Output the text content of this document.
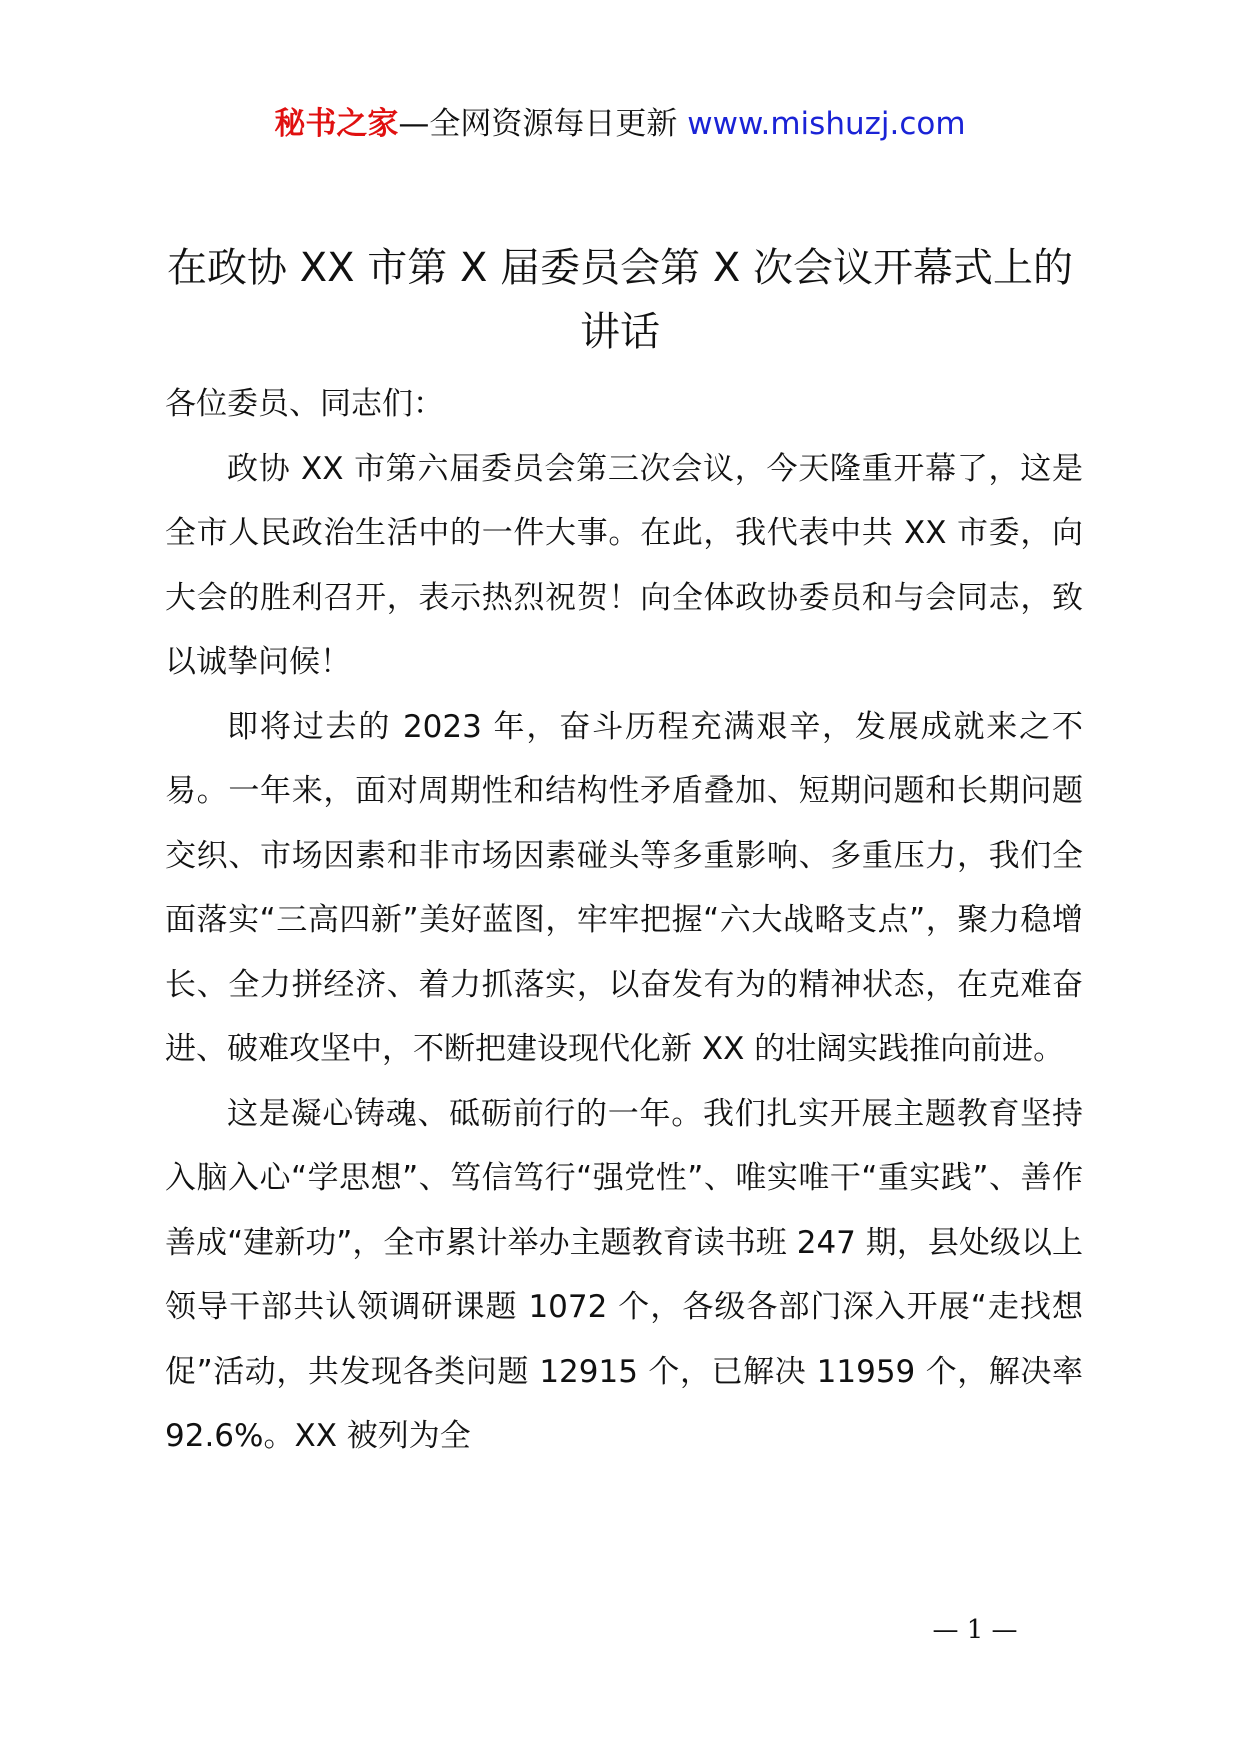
秘书之家—全网资源每日更新 www.mishuzj.com
在政协 XX 市第 X 届委员会第 X 次会议开幕式上的讲话

各位委员、同志们：

政协 XX 市第六届委员会第三次会议，今天隆重开幕了，这是全市人民政治生活中的一件大事。在此，我代表中共 XX 市委，向大会的胜利召开，表示热烈祝贺！向全体政协委员和与会同志，致以诚挚问候！

即将过去的 2023 年，奋斗历程充满艰辛，发展成就来之不易。一年来，面对周期性和结构性矛盾叠加、短期问题和长期问题交织、市场因素和非市场因素碰头等多重影响、多重压力，我们全面落实“三高四新”美好蓝图，牢牢把握“六大战略支点”，聚力稳增长、全力拼经济、着力抓落实，以奋发有为的精神状态，在克难奋进、破难攻坚中，不断把建设现代化新 XX 的壮阔实践推向前进。

这是凝心铸魂、砥砺前行的一年。我们扎实开展主题教育坚持入脑入心“学思想”、笃信笃行“强党性”、唯实唯干“重实践”、善作善成“建新功”，全市累计举办主题教育读书班 247 期，县处级以上领导干部共认领调研课题 1072 个，各级各部门深入开展“走找想促”活动，共发现各类问题 12915 个，已解决 11959 个，解决率 92.6%。XX 被列为全

— 1 —
